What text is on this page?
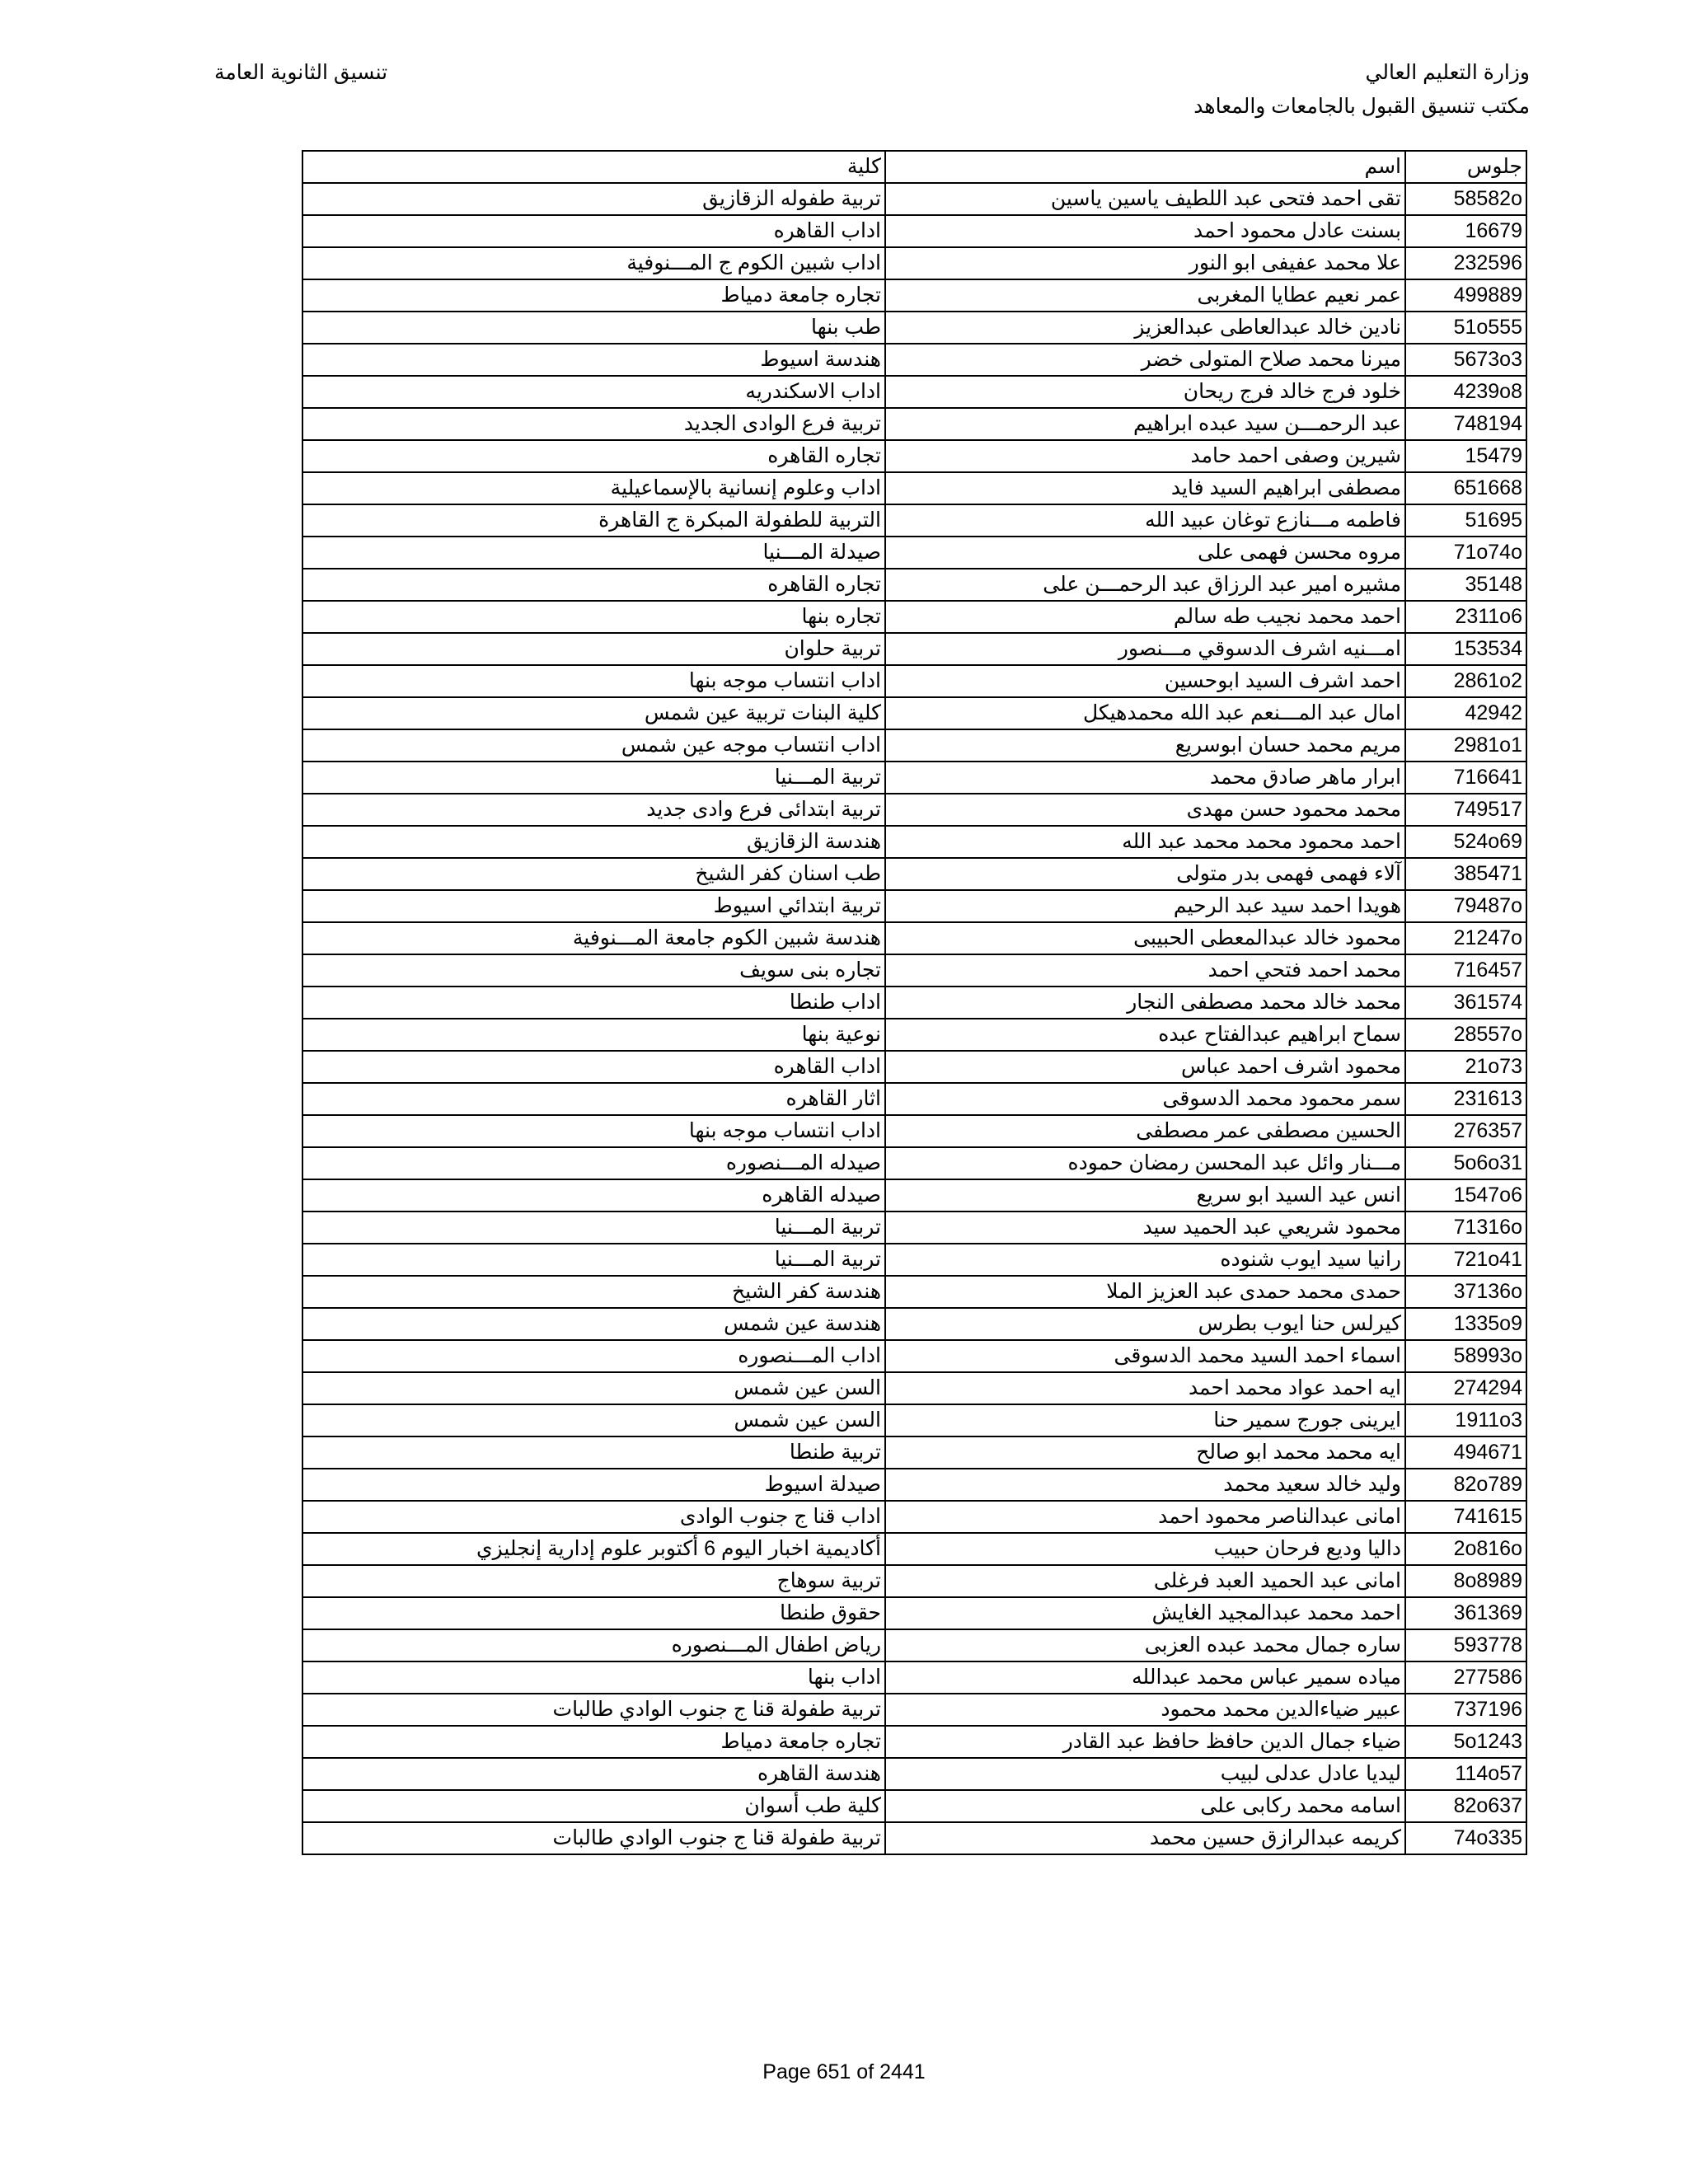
وزارة التعليم العالي
مكتب تنسيق القبول بالجامعات والمعاهد
تنسيق الثانوية العامة
جلوس	اسم	كلية
58582o	تقى احمد فتحى عبد اللطيف ياسين ياسين	تربية طفوله الزقازيق
16679	بسنت عادل محمود احمد	اداب القاهره
232596	علا محمد عفيفى ابو النور	اداب شبين الكوم ج المـــنوفية
499889	عمر نعيم عطايا المغربى	تجاره جامعة دمياط
51o555	نادين خالد عبدالعاطى عبدالعزيز	طب بنها
5673o3	ميرنا محمد صلاح المتولى خضر	هندسة اسيوط
4239o8	خلود فرج خالد فرج ريحان	اداب الاسكندريه
748194	عبد الرحمـــن سيد عبده ابراهيم	تربية فرع الوادى الجديد
15479	شيرين وصفى احمد حامد	تجاره القاهره
651668	مصطفى ابراهيم السيد فايد	اداب وعلوم إنسانية بالإسماعيلية
51695	فاطمه مـــنازع توغان عبيد الله	التربية للطفولة المبكرة ج القاهرة
71o74o	مروه محسن فهمى على	صيدلة المـــنيا
35148	مشيره امير عبد الرزاق عبد الرحمـــن على	تجاره القاهره
2311o6	احمد محمد نجيب طه سالم	تجاره بنها
153534	امـــنيه اشرف الدسوقي مـــنصور	تربية حلوان
2861o2	احمد اشرف السيد ابوحسين	اداب انتساب موجه بنها
42942	امال عبد المـــنعم عبد الله محمدهيكل	كلية البنات تربية عين شمس
2981o1	مريم محمد حسان ابوسريع	اداب انتساب موجه عين شمس
716641	ابرار ماهر صادق محمد	تربية المـــنيا
749517	محمد محمود حسن مهدى	تربية ابتدائى فرع وادى جديد
524o69	احمد محمود محمد محمد عبد الله	هندسة الزقازيق
385471	آلاء فهمى فهمى بدر متولى	طب اسنان كفر الشيخ
79487o	هويدا احمد سيد عبد الرحيم	تربية ابتدائي اسيوط
21247o	محمود خالد عبدالمعطى الحبيبى	هندسة شبين الكوم جامعة المـــنوفية
716457	محمد احمد فتحي احمد	تجاره بنى سويف
361574	محمد خالد محمد مصطفى النجار	اداب طنطا
28557o	سماح ابراهيم عبدالفتاح عبده	نوعية بنها
21o73	محمود اشرف احمد عباس	اداب القاهره
231613	سمر محمود محمد الدسوقى	اثار القاهره
276357	الحسين مصطفى عمر مصطفى	اداب انتساب موجه بنها
5o6o31	مـــنار وائل عبد المحسن رمضان حموده	صيدله المـــنصوره
1547o6	انس عيد السيد ابو سريع	صيدله القاهره
71316o	محمود شريعي عبد الحميد سيد	تربية المـــنيا
721o41	رانيا سيد ايوب شنوده	تربية المـــنيا
37136o	حمدى محمد حمدى عبد العزيز الملا	هندسة كفر الشيخ
1335o9	كيرلس حنا ايوب بطرس	هندسة عين شمس
58993o	اسماء احمد السيد محمد الدسوقى	اداب المـــنصوره
274294	ايه احمد عواد محمد احمد	السن عين شمس
1911o3	ايرينى جورج سمير حنا	السن عين شمس
494671	ايه محمد محمد ابو صالح	تربية طنطا
82o789	وليد خالد سعيد محمد	صيدلة اسيوط
741615	امانى عبدالناصر محمود احمد	اداب قنا ج جنوب الوادى
2o816o	داليا وديع فرحان حبيب	أكاديمية اخبار اليوم 6 أكتوبر علوم إدارية إنجليزي
8o8989	امانى عبد الحميد العبد فرغلى	تربية سوهاج
361369	احمد محمد عبدالمجيد الغايش	حقوق طنطا
593778	ساره جمال محمد عبده العزبى	رياض اطفال المـــنصوره
277586	مياده سمير عباس محمد عبدالله	اداب بنها
737196	عبير ضياءالدين محمد محمود	تربية طفولة قنا ج جنوب الوادي طالبات
5o1243	ضياء جمال الدين حافظ حافظ عبد القادر	تجاره جامعة دمياط
114o57	ليديا عادل عدلى لبيب	هندسة القاهره
82o637	اسامه محمد ركابى على	كلية طب أسوان
74o335	كريمه عبدالرازق حسين محمد	تربية طفولة قنا ج جنوب الوادي طالبات
Page 651 of 2441
